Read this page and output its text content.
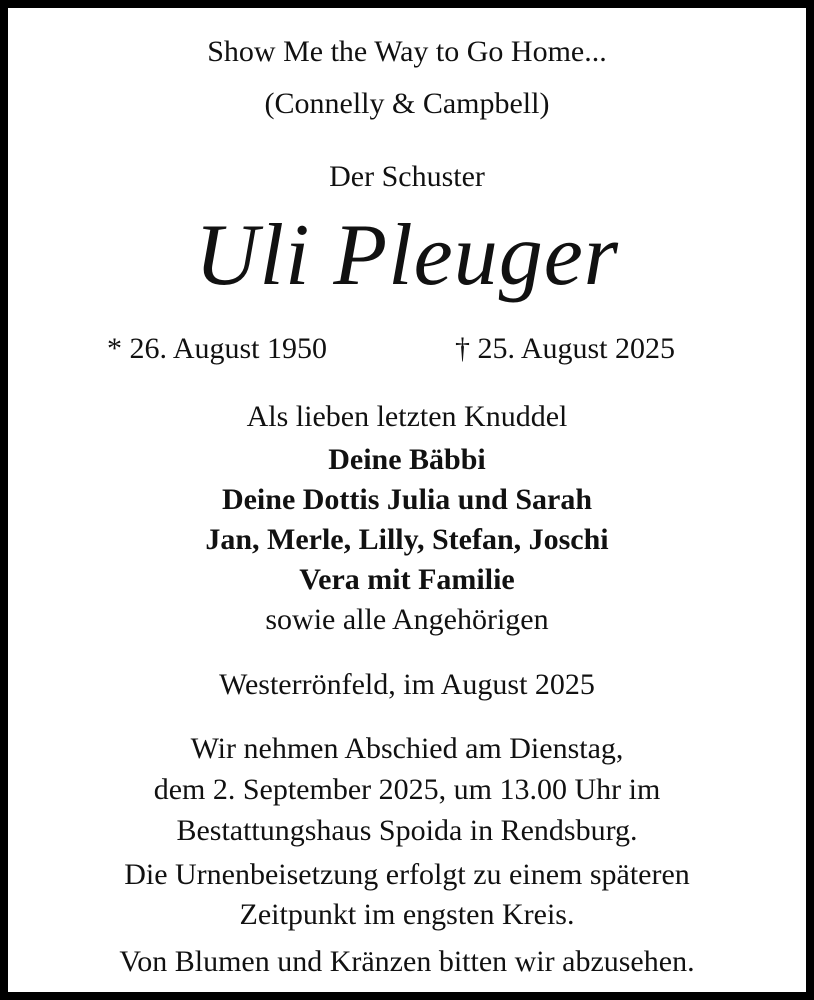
Show Me the Way to Go Home...
(Connelly & Campbell)
Der Schuster
Uli Pleuger
* 26. August 1950	† 25. August 2025
Als lieben letzten Knuddel
Deine Bäbbi
Deine Dottis Julia und Sarah
Jan, Merle, Lilly, Stefan, Joschi
Vera mit Familie
sowie alle Angehörigen
Westerrönfeld, im August 2025
Wir nehmen Abschied am Dienstag,
dem 2. September 2025, um 13.00 Uhr im
Bestattungshaus Spoida in Rendsburg.
Die Urnenbeisetzung erfolgt zu einem späteren
Zeitpunkt im engsten Kreis.
Von Blumen und Kränzen bitten wir abzusehen.
